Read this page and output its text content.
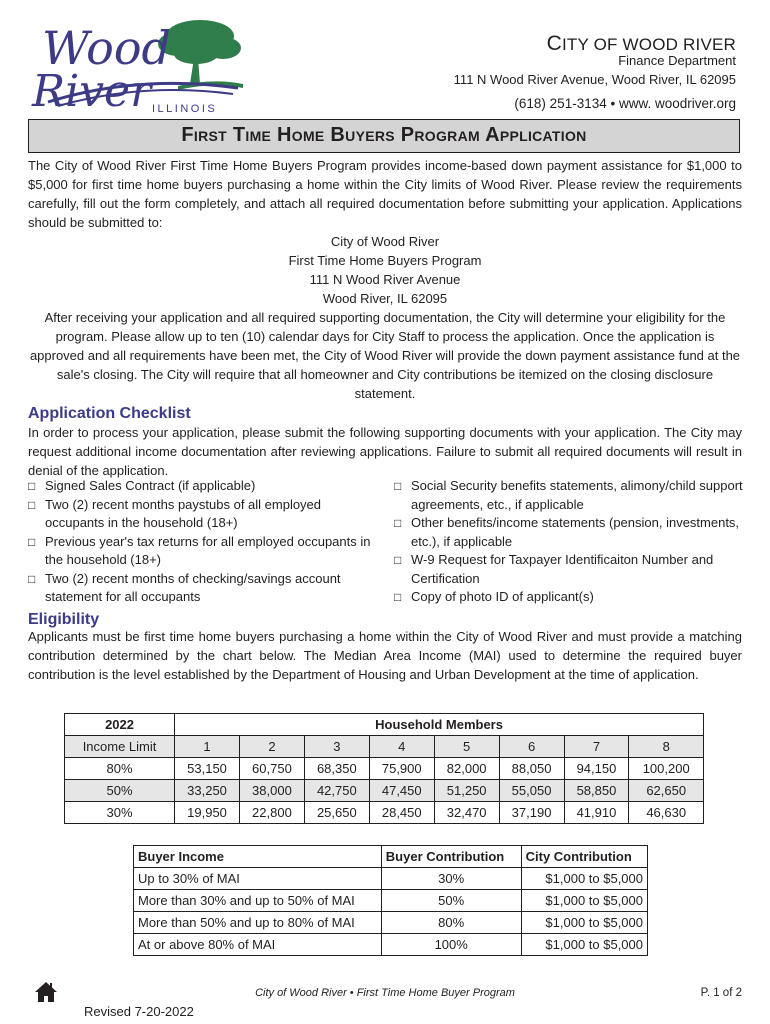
Wood
River ILLINOIS
CITY OF WOOD RIVER
Finance Department
111 N Wood River Avenue, Wood River, IL 62095
(618) 251-3134 • www. woodriver.org
First Time Home Buyers Program Application
The City of Wood River First Time Home Buyers Program provides income-based down payment assistance for $1,000 to $5,000 for first time home buyers purchasing a home within the City limits of Wood River. Please review the requirements carefully, fill out the form completely, and attach all required documentation before submitting your application. Applications should be submitted to:
City of Wood River
First Time Home Buyers Program
111 N Wood River Avenue
Wood River, IL 62095
After receiving your application and all required supporting documentation, the City will determine your eligibility for the program. Please allow up to ten (10) calendar days for City Staff to process the application. Once the application is approved and all requirements have been met, the City of Wood River will provide the down payment assistance fund at the sale's closing. The City will require that all homeowner and City contributions be itemized on the closing disclosure statement.
Application Checklist
In order to process your application, please submit the following supporting documents with your application. The City may request additional income documentation after reviewing applications. Failure to submit all required documents will result in denial of the application.
□ Signed Sales Contract (if applicable)
□ Two (2) recent months paystubs of all employed occupants in the household (18+)
□ Previous year's tax returns for all employed occupants in the household (18+)
□ Two (2) recent months of checking/savings account statement for all occupants
□ Social Security benefits statements, alimony/child support agreements, etc., if applicable
□ Other benefits/income statements (pension, investments, etc.), if applicable
□ W-9 Request for Taxpayer Identificaiton Number and Certification
□ Copy of photo ID of applicant(s)
Eligibility
Applicants must be first time home buyers purchasing a home within the City of Wood River and must provide a matching contribution determined by the chart below. The Median Area Income (MAI) used to determine the required buyer contribution is the level established by the Department of Housing and Urban Development at the time of application.
2022	Household Members							
Income Limit	1	2	3	4	5	6	7	8
80%	53,150	60,750	68,350	75,900	82,000	88,050	94,150	100,200
50%	33,250	38,000	42,750	47,450	51,250	55,050	58,850	62,650
30%	19,950	22,800	25,650	28,450	32,470	37,190	41,910	46,630
Buyer Income	Buyer Contribution	City Contribution
Up to 30% of MAI	30%	$1,000 to $5,000
More than 30% and up to 50% of MAI	50%	$1,000 to $5,000
More than 50% and up to 80% of MAI	80%	$1,000 to $5,000
At or above 80% of MAI	100%	$1,000 to $5,000
City of Wood River • First Time Home Buyer Program	P. 1 of 2
Revised 7-20-2022
